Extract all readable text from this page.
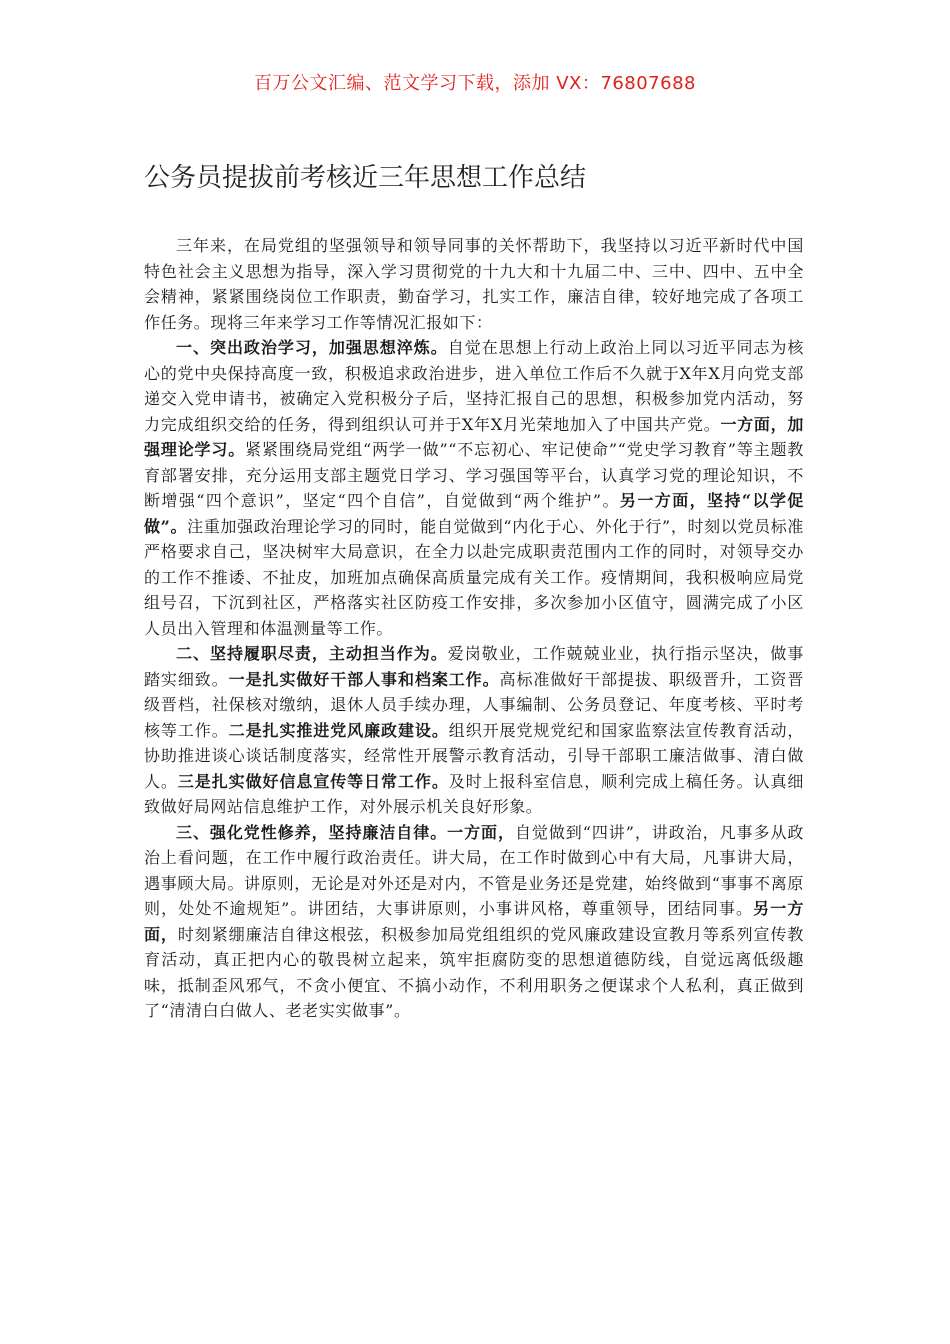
百万公文汇编、范文学习下载，添加 VX：76807688
公务员提拔前考核近三年思想工作总结

三年来，在局党组的坚强领导和领导同事的关怀帮助下，我坚持以习近平新时代中国特色社会主义思想为指导，深入学习贯彻党的十九大和十九届二中、三中、四中、五中全会精神，紧紧围绕岗位工作职责，勤奋学习，扎实工作，廉洁自律，较好地完成了各项工作任务。现将三年来学习工作等情况汇报如下：

一、突出政治学习，加强思想淬炼。自觉在思想上行动上政治上同以习近平同志为核心的党中央保持高度一致，积极追求政治进步，进入单位工作后不久就于X年X月向党支部递交入党申请书，被确定入党积极分子后，坚持汇报自己的思想，积极参加党内活动，努力完成组织交给的任务，得到组织认可并于X年X月光荣地加入了中国共产党。一方面，加强理论学习。紧紧围绕局党组“两学一做”“不忘初心、牢记使命”“党史学习教育”等主题教育部署安排，充分运用支部主题党日学习、学习强国等平台，认真学习党的理论知识，不断增强“四个意识”，坚定“四个自信”，自觉做到“两个维护”。另一方面，坚持“以学促做”。注重加强政治理论学习的同时，能自觉做到“内化于心、外化于行”，时刻以党员标准严格要求自己，坚决树牢大局意识，在全力以赴完成职责范围内工作的同时，对领导交办的工作不推诿、不扯皮，加班加点确保高质量完成有关工作。疫情期间，我积极响应局党组号召，下沉到社区，严格落实社区防疫工作安排，多次参加小区值守，圆满完成了小区人员出入管理和体温测量等工作。

二、坚持履职尽责，主动担当作为。爱岗敬业，工作兢兢业业，执行指示坚决，做事踏实细致。一是扎实做好干部人事和档案工作。高标准做好干部提拔、职级晋升，工资晋级晋档，社保核对缴纳，退休人员手续办理，人事编制、公务员登记、年度考核、平时考核等工作。二是扎实推进党风廉政建设。组织开展党规党纪和国家监察法宣传教育活动，协助推进谈心谈话制度落实，经常性开展警示教育活动，引导干部职工廉洁做事、清白做人。三是扎实做好信息宣传等日常工作。及时上报科室信息，顺利完成上稿任务。认真细致做好局网站信息维护工作，对外展示机关良好形象。

三、强化党性修养，坚持廉洁自律。一方面，自觉做到“四讲”，讲政治，凡事多从政治上看问题，在工作中履行政治责任。讲大局，在工作时做到心中有大局，凡事讲大局，遇事顾大局。讲原则，无论是对外还是对内，不管是业务还是党建，始终做到“事事不离原则，处处不逾规矩”。讲团结，大事讲原则，小事讲风格，尊重领导，团结同事。另一方面，时刻紧绷廉洁自律这根弦，积极参加局党组组织的党风廉政建设宣教月等系列宣传教育活动，真正把内心的敬畏树立起来，筑牢拒腐防变的思想道德防线，自觉远离低级趣味，抵制歪风邪气，不贪小便宜、不搞小动作，不利用职务之便谋求个人私利，真正做到了“清清白白做人、老老实实做事”。
